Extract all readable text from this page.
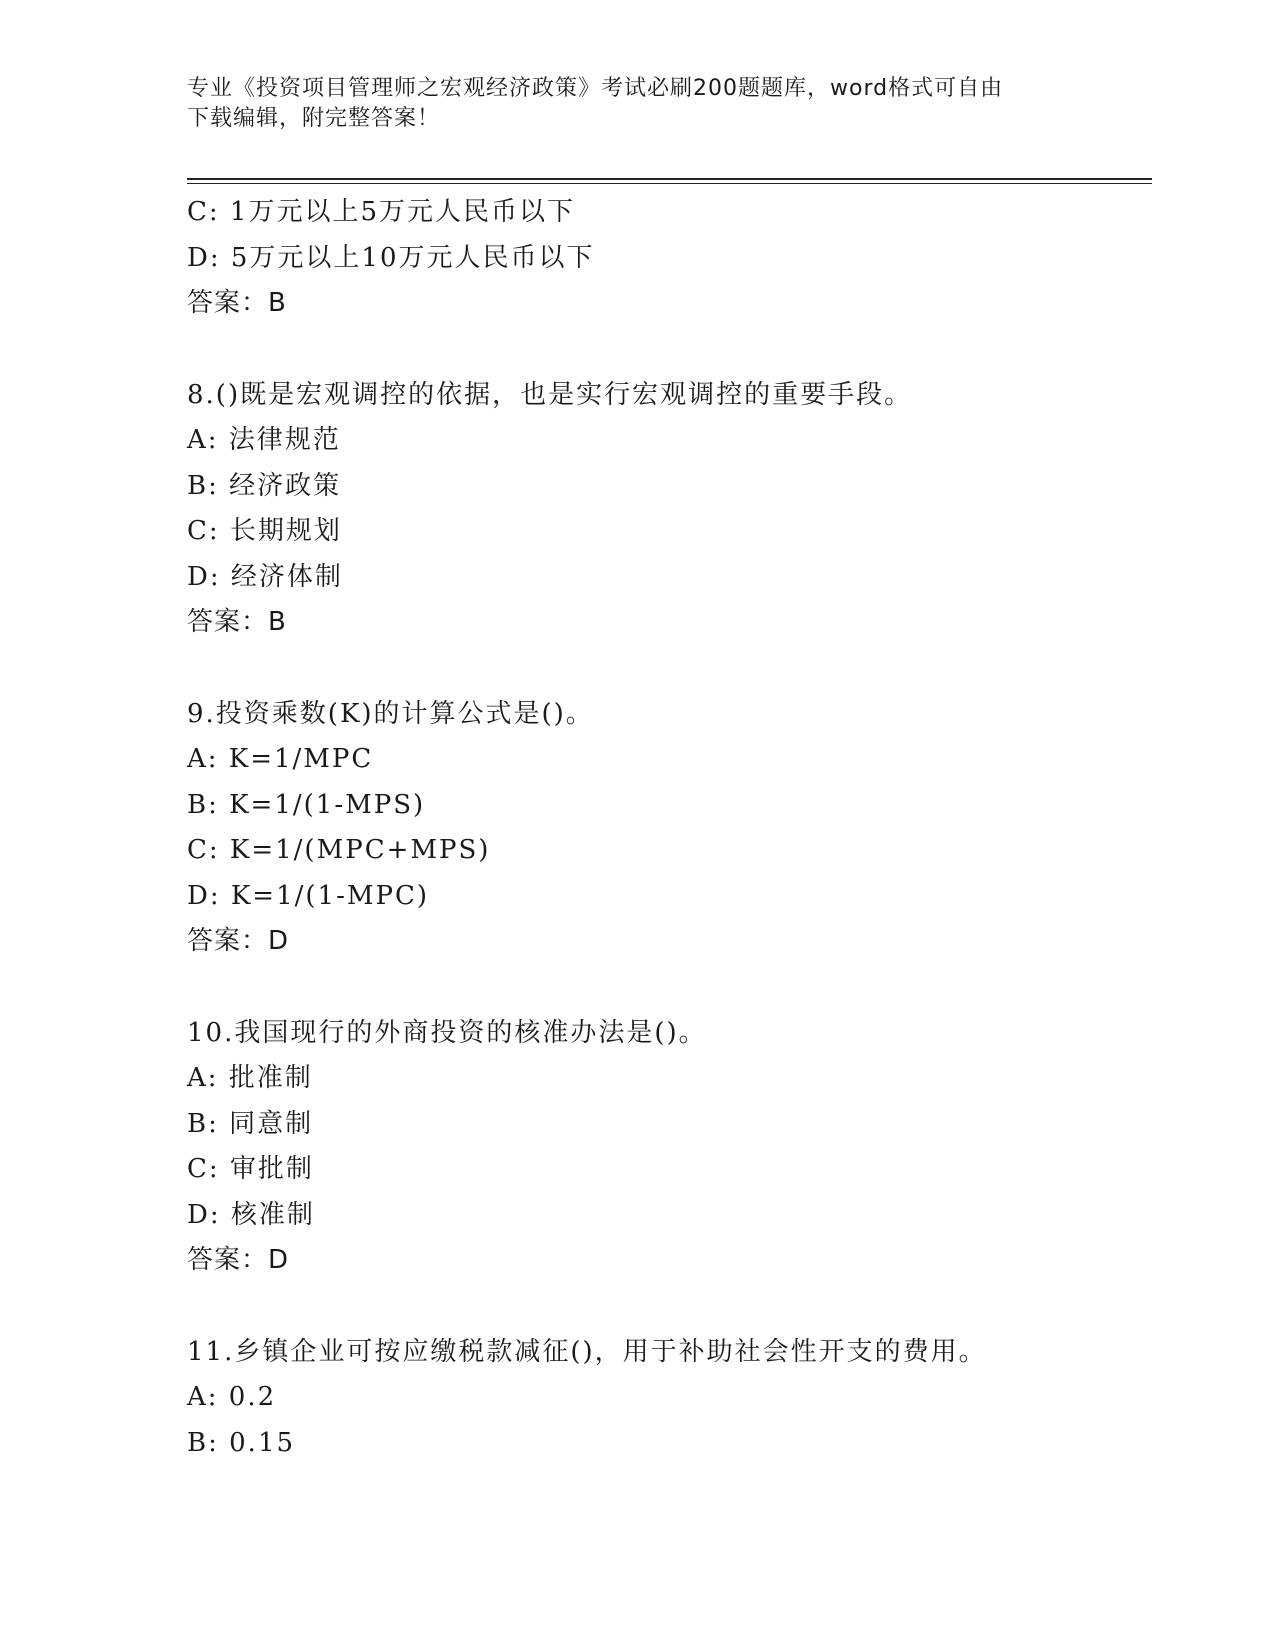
专业《投资项目管理师之宏观经济政策》考试必刷200题题库，word格式可自由
下载编辑，附完整答案！
C: 1万元以上5万元人民币以下
D: 5万元以上10万元人民币以下
答案：B
8.()既是宏观调控的依据，也是实行宏观调控的重要手段。
A: 法律规范
B: 经济政策
C: 长期规划
D: 经济体制
答案：B
9.投资乘数(K)的计算公式是()。
A: K=1/MPC
B: K=1/(1-MPS)
C: K=1/(MPC+MPS)
D: K=1/(1-MPC)
答案：D
10.我国现行的外商投资的核准办法是()。
A: 批准制
B: 同意制
C: 审批制
D: 核准制
答案：D
11.乡镇企业可按应缴税款减征()，用于补助社会性开支的费用。
A: 0.2
B: 0.15
